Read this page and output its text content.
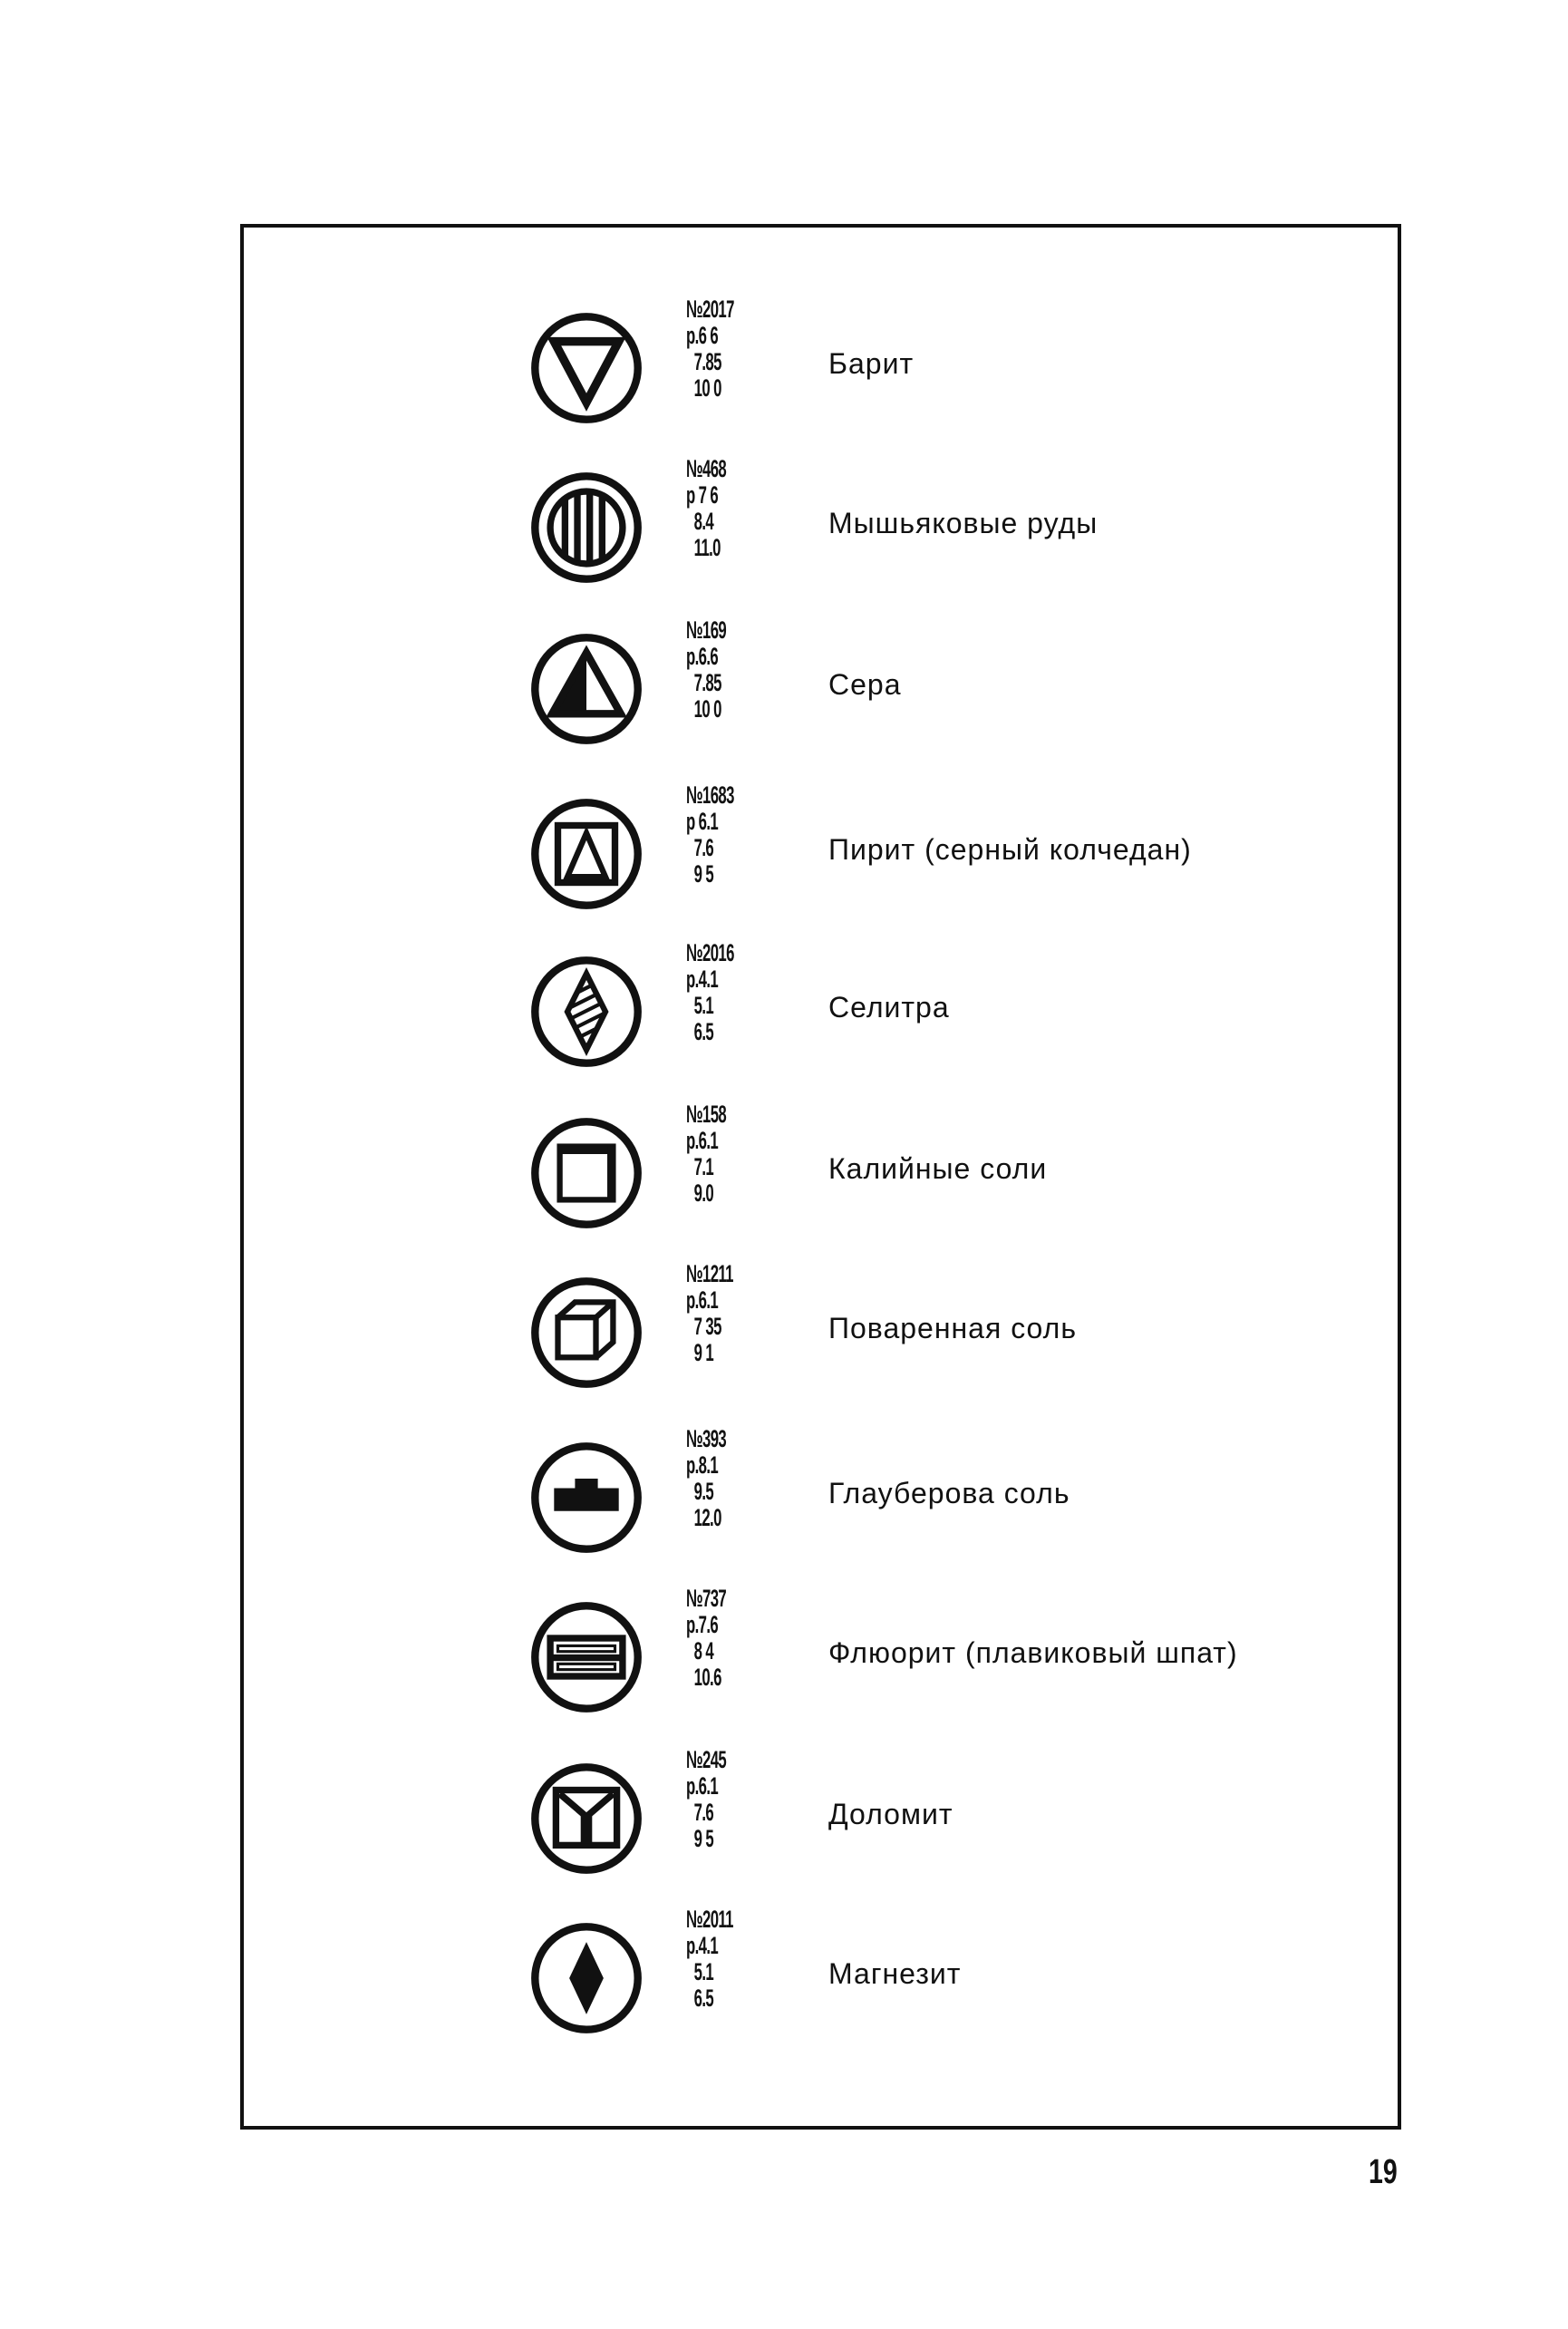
№2017
р.6 6
7.85
10 0
Барит
№468
р 7 6
8.4
11.0
Мышьяковые руды
№169
р.6.6
7.85
10 0
Сера
№1683
р 6.1
7.6
9 5
Пирит (серный колчедан)
№2016
р.4.1
5.1
6.5
Селитра
№158
р.6.1
7.1
9.0
Калийные соли
№1211
р.6.1
7 35
9 1
Поваренная соль
№393
р.8.1
9.5
12.0
Глауберова соль
№737
р.7.6
8 4
10.6
Флюорит (плавиковый шпат)
№245
р.6.1
7.6
9 5
Доломит
№2011
р.4.1
5.1
6.5
Магнезит
19
